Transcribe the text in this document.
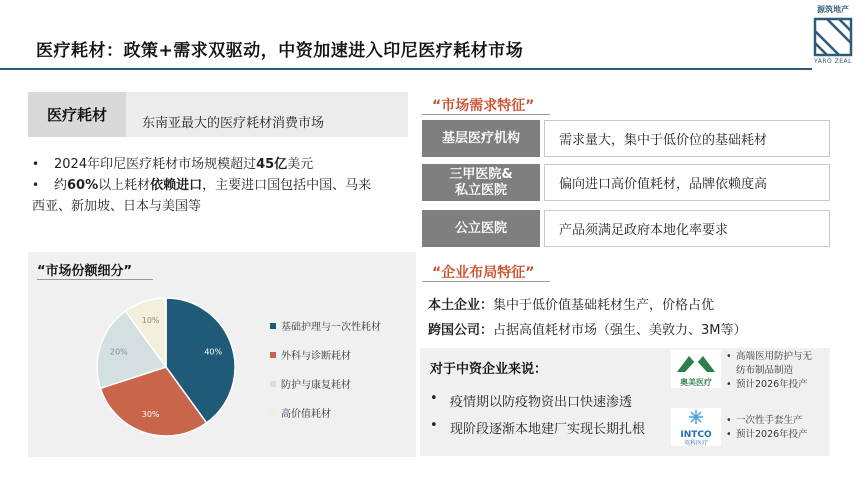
医疗耗材：政策+需求双驱动，中资加速进入印尼医疗耗材市场
源筑地产
YARO ZEAL
医疗耗材	东南亚最大的医疗耗材消费市场
•	2024年印尼医疗耗材市场规模超过45亿美元
•	约60%以上耗材依赖进口，主要进口国包括中国、马来
西亚、新加坡、日本与美国等
“市场份额细分”
40%
30%
20%
10%
基础护理与一次性耗材
外科与诊断耗材
防护与康复耗材
高价值耗材
“市场需求特征”
基层医疗机构	需求量大，集中于低价位的基础耗材
三甲医院&
私立医院	偏向进口高价值耗材，品牌依赖度高
公立医院	产品须满足政府本地化率要求
“企业布局特征”
本土企业：集中于低价值基础耗材生产，价格占优
跨国公司：占据高值耗材市场（强生、美敦力、3M等）
对于中资企业来说：
• 疫情期以防疫物资出口快速渗透
• 现阶段逐渐本地建厂实现长期扎根
奥美医疗
• 高端医用防护与无
纺布制品制造
• 预计2026年投产
INTCO
英科医疗
• 一次性手套生产
• 预计2026年投产
